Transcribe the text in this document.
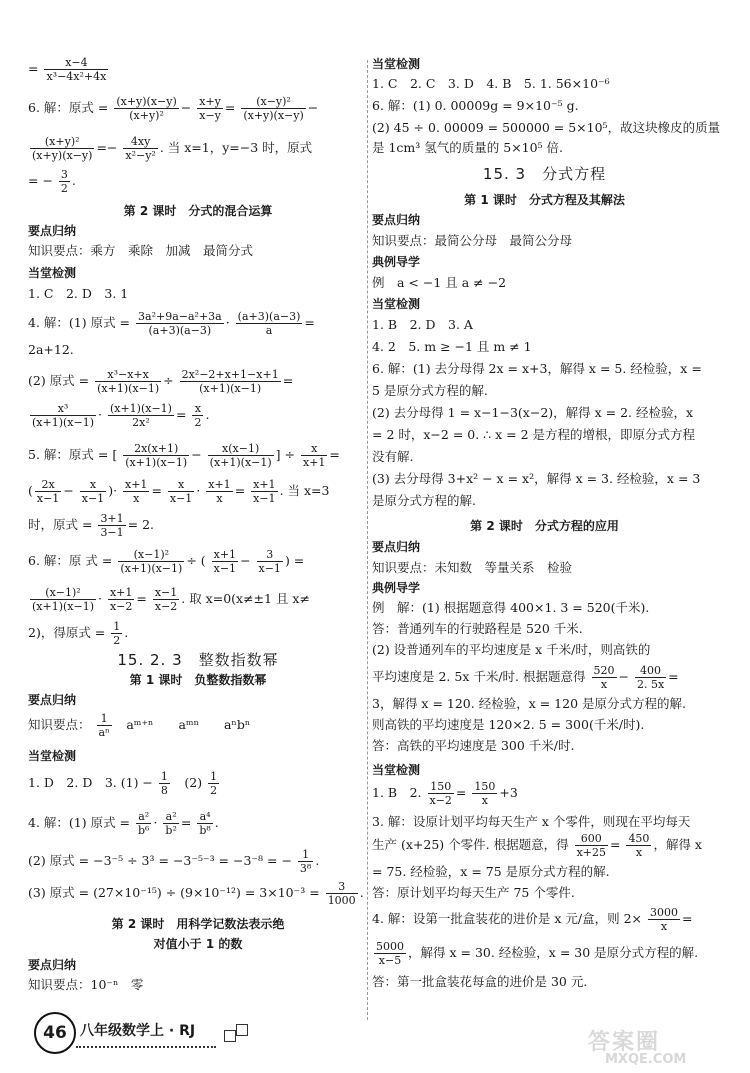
= $\frac{x-4}{\text{x³−4x²+4x}}$
6. 解：原式 = $\frac{(x+y)(x-y)}{\text{(x+y)²}} - \frac{x+y}{x-y} = \frac{\text{(x−y)²}}{(x+y)(x-y)}$ −
$\frac{\text{(x+y)²}}{(x+y)(x-y)} =- \frac{4xy}{\text{x²−y²}}$ . 当 x=1，y=−3 时，原式
= − $\frac{3}{2}$ .
第 2 课时　分式的混合运算
要点归纳
知识要点：乘方　乘除　加减　最简分式
当堂检测
1. C　2. D　3. 1
4. 解：(1) 原式 = $\frac{\text{3a²+9a−a²+3a}}{(a+3)(a-3)} \cdot \frac{(a+3)(a-3)}{a}$ =
2a+12.
(2) 原式 = $\frac{\text{x³−x+x}}{(x+1)(x-1)} \div \frac{\text{2x²−2+x+1−x+1}}{(x+1)(x-1)}$ =
$\frac{\text{x³}}{(x+1)(x-1)} \cdot \frac{(x+1)(x-1)}{\text{2x²}} = \frac{x}{2}$ .
5. 解：原式 = [ $\frac{2x(x+1)}{(x+1)(x-1)} - \frac{x(x-1)}{(x+1)(x-1)}$ ] ÷ $\frac{x}{x+1}$ =
( $\frac{2x}{x-1} - \frac{x}{x-1}$ )· $\frac{x+1}{x} = \frac{x}{x-1} \cdot \frac{x+1}{x} = \frac{x+1}{x-1}$ . 当 x=3
时，原式 = $\frac{3+1}{3-1} = 2$.
6. 解：原 式 = $\frac{\text{(x−1)²}}{(x+1)(x-1)}$ ÷ ( $\frac{x+1}{x-1} - \frac{3}{x-1}$ ) =
$\frac{\text{(x−1)²}}{(x+1)(x-1)} \cdot \frac{x+1}{x-2} = \frac{x-1}{x-2}$ . 取 x=0(x≠±1 且 x≠
2)，得原式 = $\frac{1}{2}$ .
15. 2. 3　整数指数幂
第 1 课时　负整数指数幂
要点归纳
知识要点： $\frac{1}{\text{aⁿ}}$ 　aᵐ⁺ⁿ　　aᵐⁿ　　aⁿbⁿ
当堂检测
1. D　2. D　3. $(1) - \frac{1}{8}$ 　$(2) \frac{1}{2}$
4. 解：(1) 原式 = $\frac{\text{a²}}{\text{b⁶}} \cdot \frac{\text{a²}}{\text{b²}} = \frac{\text{a⁴}}{\text{b⁸}}$ .
(2) 原式 = −3⁻⁵ ÷ 3³ = −3⁻⁵⁻³ = −3⁻⁸ = − $\frac{1}{\text{3⁸}}$ .
(3) 原式 = $(27\times 10^{-15}) \div (9\times 10^{-12}) = 3\times 10^{-3} = \frac{3}{1000}$ .
第 2 课时　用科学记数法表示绝
对值小于 1 的数
要点归纳
知识要点：10⁻ⁿ　零
当堂检测
1. C　2. C　3. D　4. B　5. 1. 56×10⁻⁶
6. 解：(1) 0. 00009g = 9×10⁻⁵ g.
(2) 45 ÷ 0. 00009 = 500000 = 5×10⁵，故这块橡皮的质量
是 1cm³ 氢气的质量的 5×10⁵ 倍.
15. 3　分式方程
第 1 课时　分式方程及其解法
要点归纳
知识要点：最简公分母　最简公分母
典例导学
例　a < −1 且 a ≠ −2
当堂检测
1. B　2. D　3. A
4. 2　5. m ≥ −1 且 m ≠ 1
6. 解：(1) 去分母得 2x = x+3，解得 x = 5. 经检验，x =
5 是原分式方程的解.
(2) 去分母得 1 = x−1−3(x−2)，解得 x = 2. 经检验，x
= 2 时，x−2 = 0. ∴ x = 2 是方程的增根，即原分式方程
没有解.
(3) 去分母得 3+x² − x = x²，解得 x = 3. 经检验，x = 3
是原分式方程的解.
第 2 课时　分式方程的应用
要点归纳
知识要点：未知数　等量关系　检验
典例导学
例　解：(1) 根据题意得 400×1. 3 = 520(千米).
答：普通列车的行驶路程是 520 千米.
(2) 设普通列车的平均速度是 x 千米/时，则高铁的
平均速度是 2. 5x 千米/时. 根据题意得 $\frac{520}{x} - \frac{400}{2. 5x}$ =
3，解得 x = 120. 经检验，x = 120 是原分式方程的解.
则高铁的平均速度是 120×2. 5 = 300(千米/时).
答：高铁的平均速度是 300 千米/时.
当堂检测
1. B　2. $\frac{150}{x-2} = \frac{150}{x} +3$
3. 解：设原计划平均每天生产 x 个零件，则现在平均每天
生产 (x+25) 个零件. 根据题意，得 $\frac{600}{x+25} = \frac{450}{x}$ ，解得 x
= 75. 经检验，x = 75 是原分式方程的解.
答：原计划平均每天生产 75 个零件.
4. 解：设第一批盒装花的进价是 x 元/盒，则 $2\times \frac{3000}{x}$ =
$\frac{5000}{x-5}$ ，解得 x = 30. 经检验，x = 30 是原分式方程的解.
答：第一批盒装花每盒的进价是 30 元.
46 八年级数学上 · RJ	答案圈
MXQE.COM
